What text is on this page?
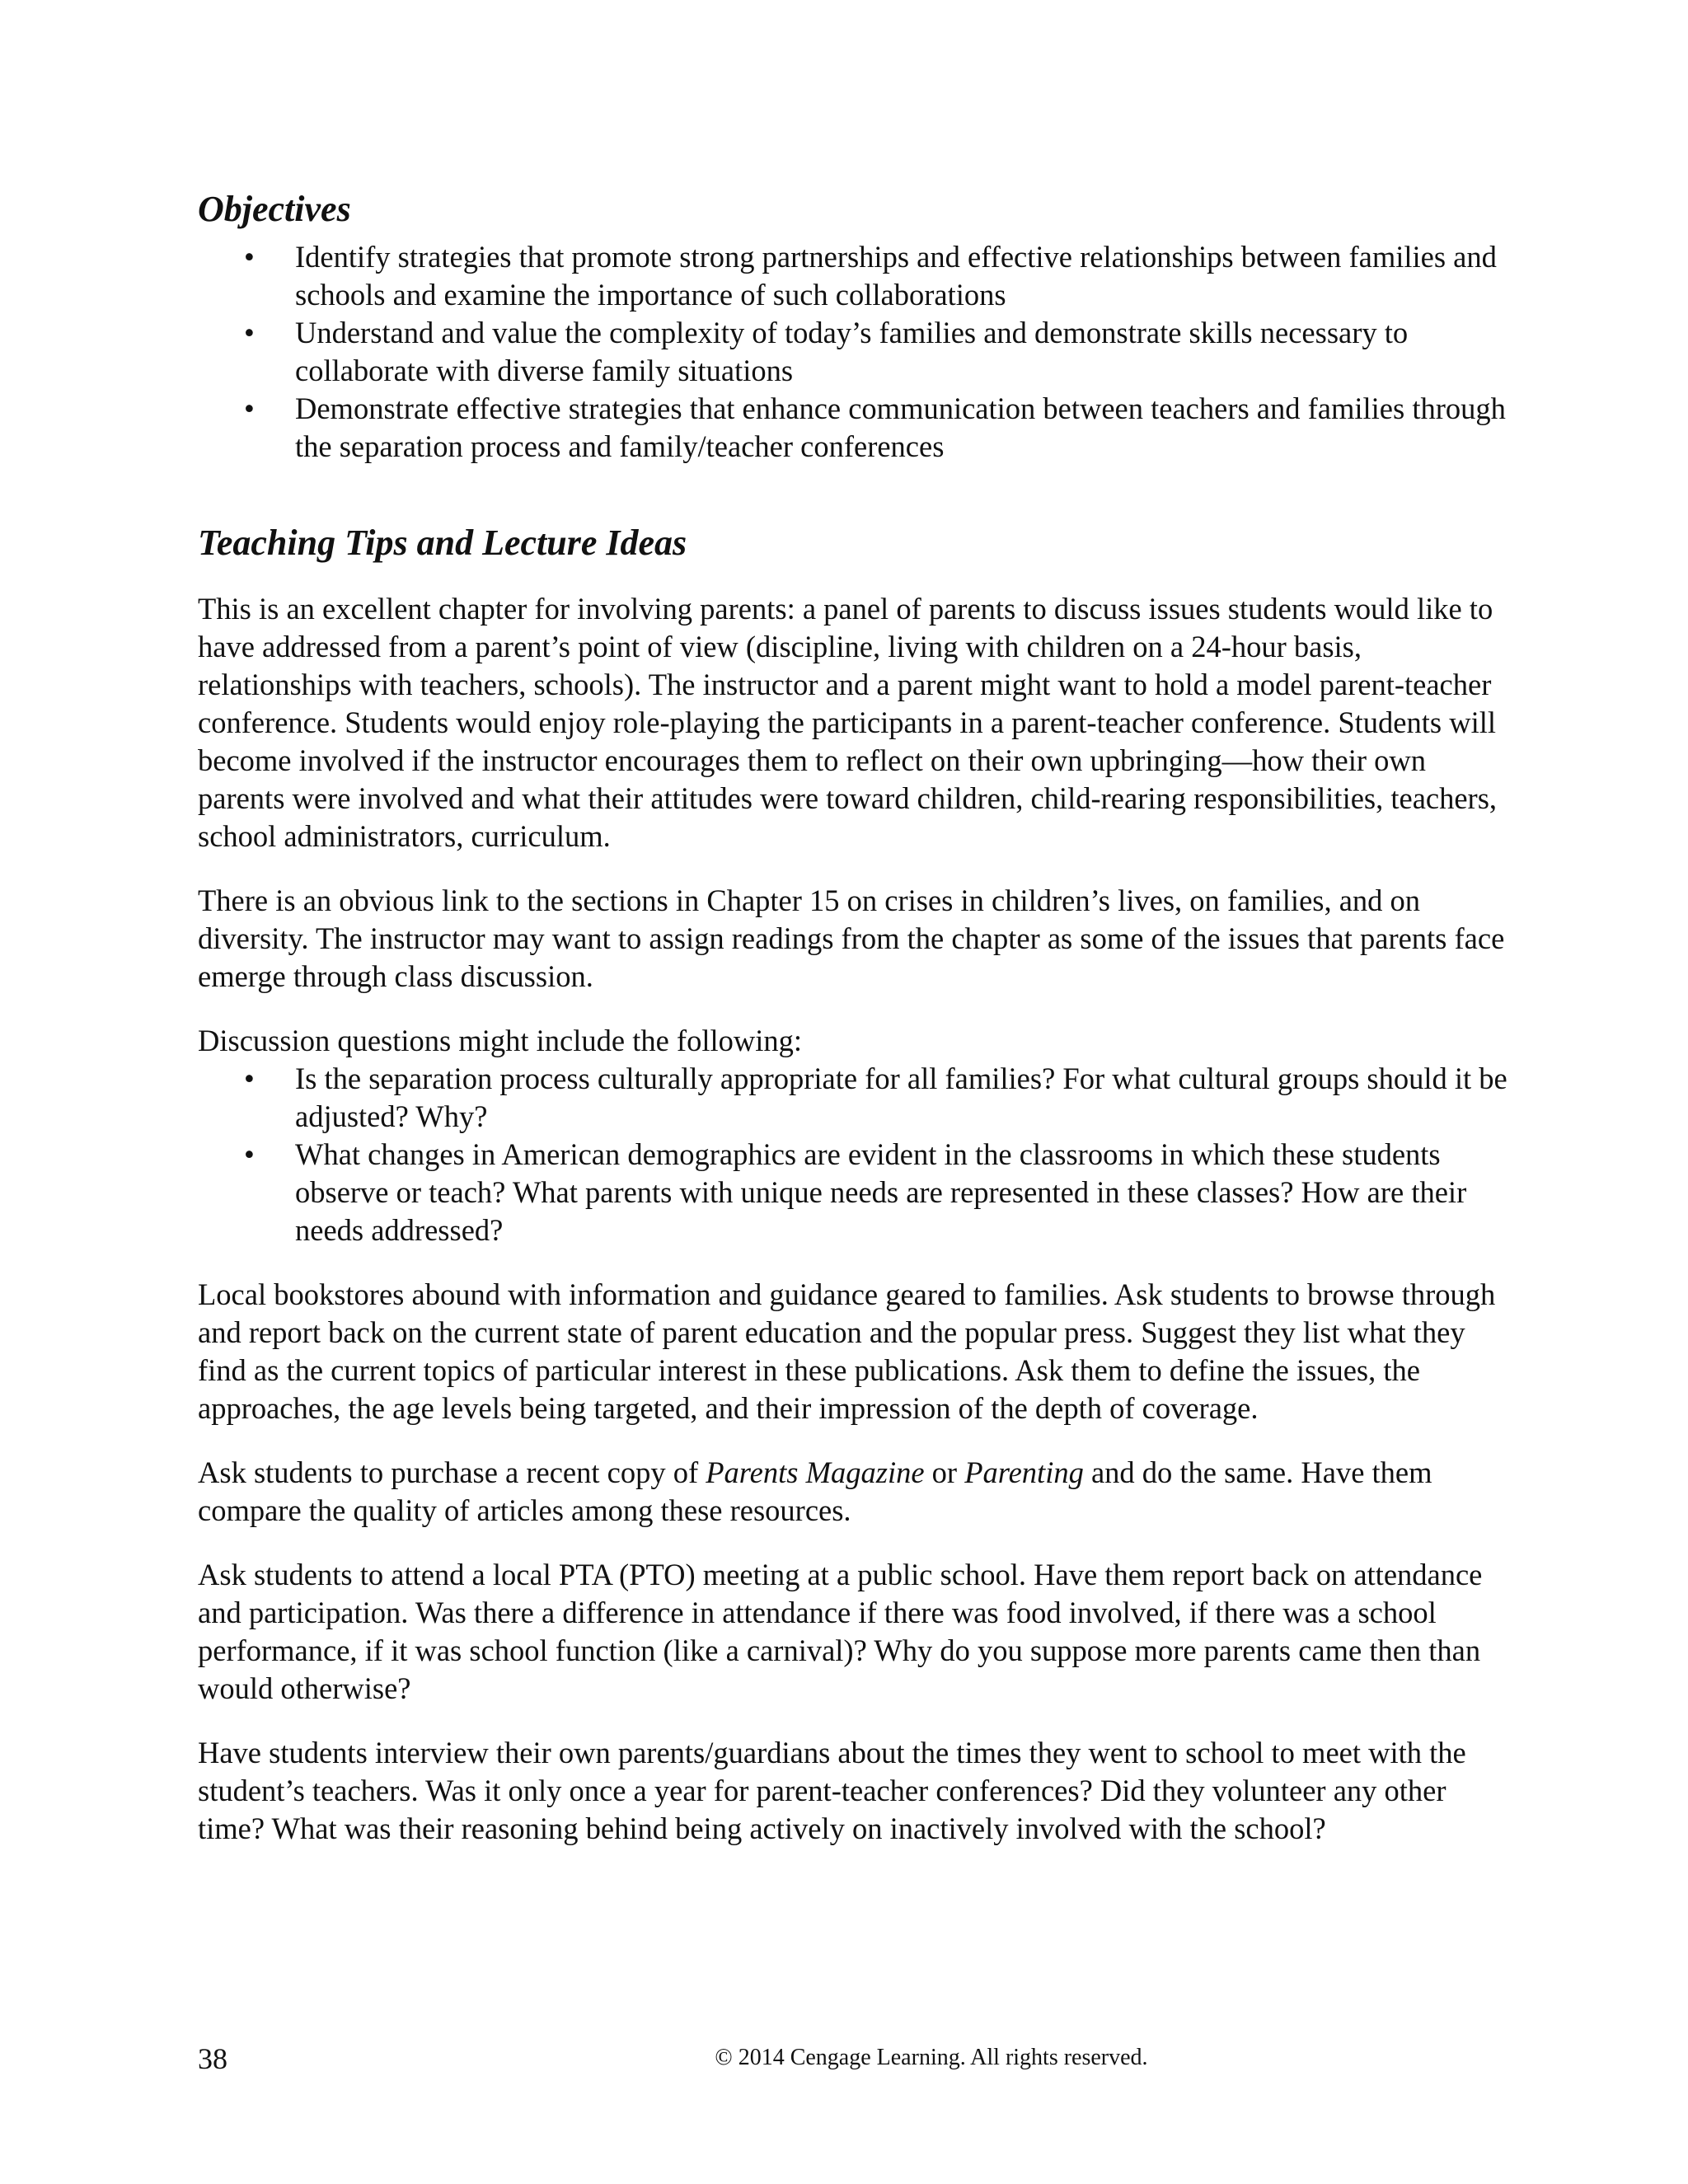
Objectives
•	Identify strategies that promote strong partnerships and effective relationships between families and schools and examine the importance of such collaborations
•	Understand and value the complexity of today’s families and demonstrate skills necessary to collaborate with diverse family situations
•	Demonstrate effective strategies that enhance communication between teachers and families through the separation process and family/teacher conferences
Teaching Tips and Lecture Ideas

This is an excellent chapter for involving parents: a panel of parents to discuss issues students would like to have addressed from a parent’s point of view (discipline, living with children on a 24-hour basis, relationships with teachers, schools). The instructor and a parent might want to hold a model parent-teacher conference. Students would enjoy role-playing the participants in a parent-teacher conference. Students will become involved if the instructor encourages them to reflect on their own upbringing—how their own parents were involved and what their attitudes were toward children, child-rearing responsibilities, teachers, school administrators, curriculum.

There is an obvious link to the sections in Chapter 15 on crises in children’s lives, on families, and on diversity. The instructor may want to assign readings from the chapter as some of the issues that parents face emerge through class discussion.

Discussion questions might include the following:

•	Is the separation process culturally appropriate for all families? For what cultural groups should it be adjusted? Why?
•	What changes in American demographics are evident in the classrooms in which these students observe or teach? What parents with unique needs are represented in these classes? How are their needs addressed?

Local bookstores abound with information and guidance geared to families. Ask students to browse through and report back on the current state of parent education and the popular press. Suggest they list what they find as the current topics of particular interest in these publications. Ask them to define the issues, the approaches, the age levels being targeted, and their impression of the depth of coverage.

Ask students to purchase a recent copy of Parents Magazine or Parenting and do the same. Have them compare the quality of articles among these resources.

Ask students to attend a local PTA (PTO) meeting at a public school. Have them report back on attendance and participation. Was there a difference in attendance if there was food involved, if there was a school performance, if it was school function (like a carnival)? Why do you suppose more parents came then than would otherwise?

Have students interview their own parents/guardians about the times they went to school to meet with the student’s teachers. Was it only once a year for parent-teacher conferences? Did they volunteer any other time? What was their reasoning behind being actively on inactively involved with the school?

38	© 2014 Cengage Learning. All rights reserved.
